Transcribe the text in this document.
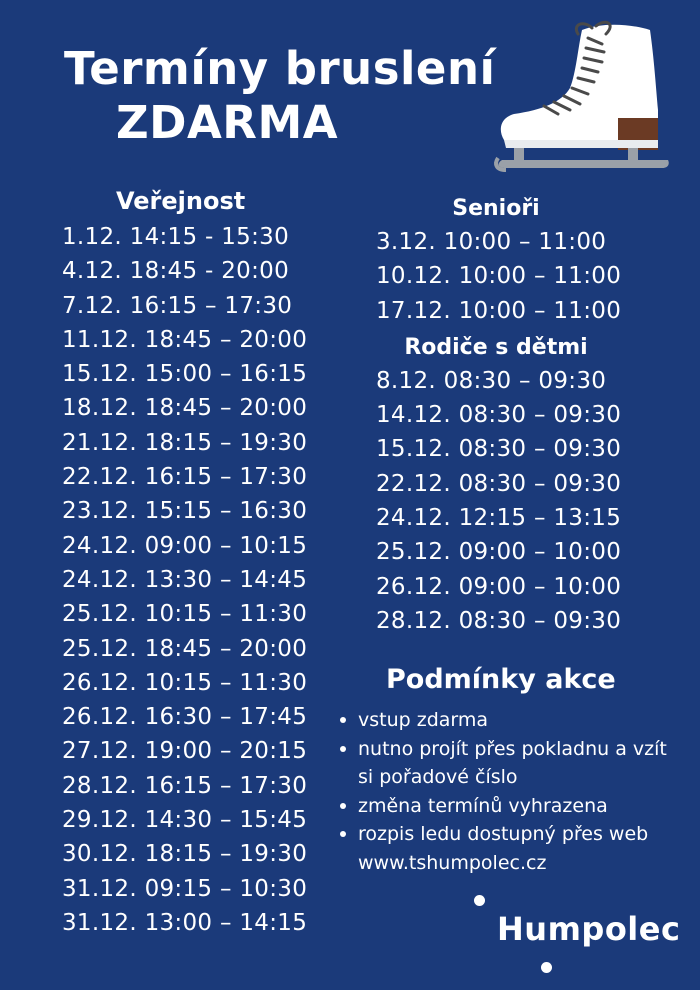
Termíny bruslení
ZDARMA
Veřejnost
1.12. 14:15 - 15:30
4.12. 18:45 - 20:00
7.12. 16:15 – 17:30
11.12. 18:45 – 20:00
15.12. 15:00 – 16:15
18.12. 18:45 – 20:00
21.12. 18:15 – 19:30
22.12. 16:15 – 17:30
23.12. 15:15 – 16:30
24.12. 09:00 – 10:15
24.12. 13:30 – 14:45
25.12. 10:15 – 11:30
25.12. 18:45 – 20:00
26.12. 10:15 – 11:30
26.12. 16:30 – 17:45
27.12. 19:00 – 20:15
28.12. 16:15 – 17:30
29.12. 14:30 – 15:45
30.12. 18:15 – 19:30
31.12. 09:15 – 10:30
31.12. 13:00 – 14:15
Senioři
3.12. 10:00 – 11:00
10.12. 10:00 – 11:00
17.12. 10:00 – 11:00
Rodiče s dětmi
8.12. 08:30 – 09:30
14.12. 08:30 – 09:30
15.12. 08:30 – 09:30
22.12. 08:30 – 09:30
24.12. 12:15 – 13:15
25.12. 09:00 – 10:00
26.12. 09:00 – 10:00
28.12. 08:30 – 09:30
Podmínky akce
vstup zdarma
nutno projít přes pokladnu a vzít si pořadové číslo
změna termínů vyhrazena
rozpis ledu dostupný přes web www.tshumpolec.cz
Humpolec
